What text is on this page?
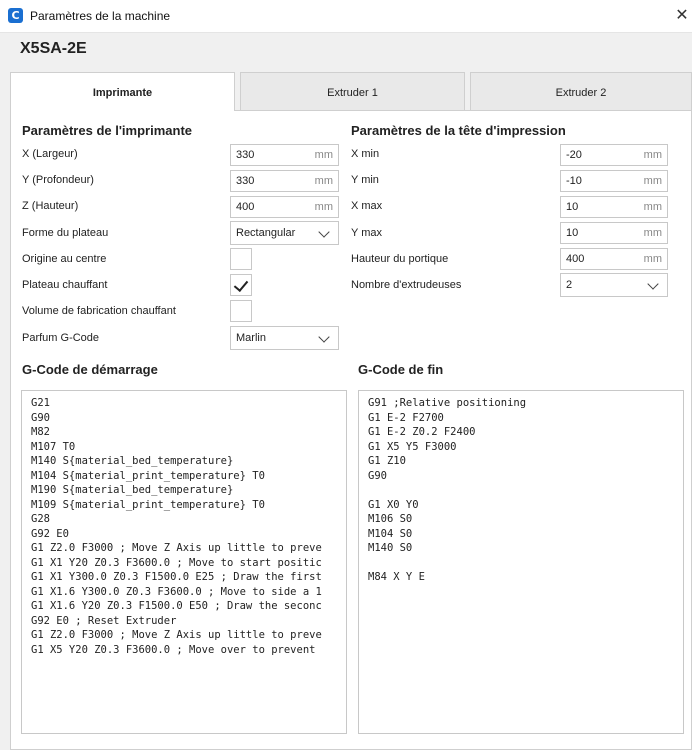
C Paramètres de la machine	✕
X5SA-2E
Imprimante	Extruder 1	Extruder 2
Paramètres de l'imprimante
X (Largeur)	330	mm
Y (Profondeur)	330	mm
Z (Hauteur)	400	mm
Forme du plateau	Rectangular
Origine au centre
Plateau chauffant
Volume de fabrication chauffant
Parfum G-Code	Marlin
Paramètres de la tête d'impression
X min	-20	mm
Y min	-10	mm
X max	10	mm
Y max	10	mm
Hauteur du portique	400	mm
Nombre d'extrudeuses	2
G-Code de démarrage
G21
G90
M82
M107 T0
M140 S{material_bed_temperature}
M104 S{material_print_temperature} T0
M190 S{material_bed_temperature}
M109 S{material_print_temperature} T0
G28
G92 E0
G1 Z2.0 F3000 ; Move Z Axis up little to preve
G1 X1 Y20 Z0.3 F3600.0 ; Move to start positic
G1 X1 Y300.0 Z0.3 F1500.0 E25 ; Draw the first
G1 X1.6 Y300.0 Z0.3 F3600.0 ; Move to side a 1
G1 X1.6 Y20 Z0.3 F1500.0 E50 ; Draw the seconc
G92 E0 ; Reset Extruder
G1 Z2.0 F3000 ; Move Z Axis up little to preve
G1 X5 Y20 Z0.3 F3600.0 ; Move over to prevent
G-Code de fin
G91 ;Relative positioning
G1 E-2 F2700
G1 E-2 Z0.2 F2400
G1 X5 Y5 F3000
G1 Z10
G90

G1 X0 Y0
M106 S0
M104 S0
M140 S0

M84 X Y E
